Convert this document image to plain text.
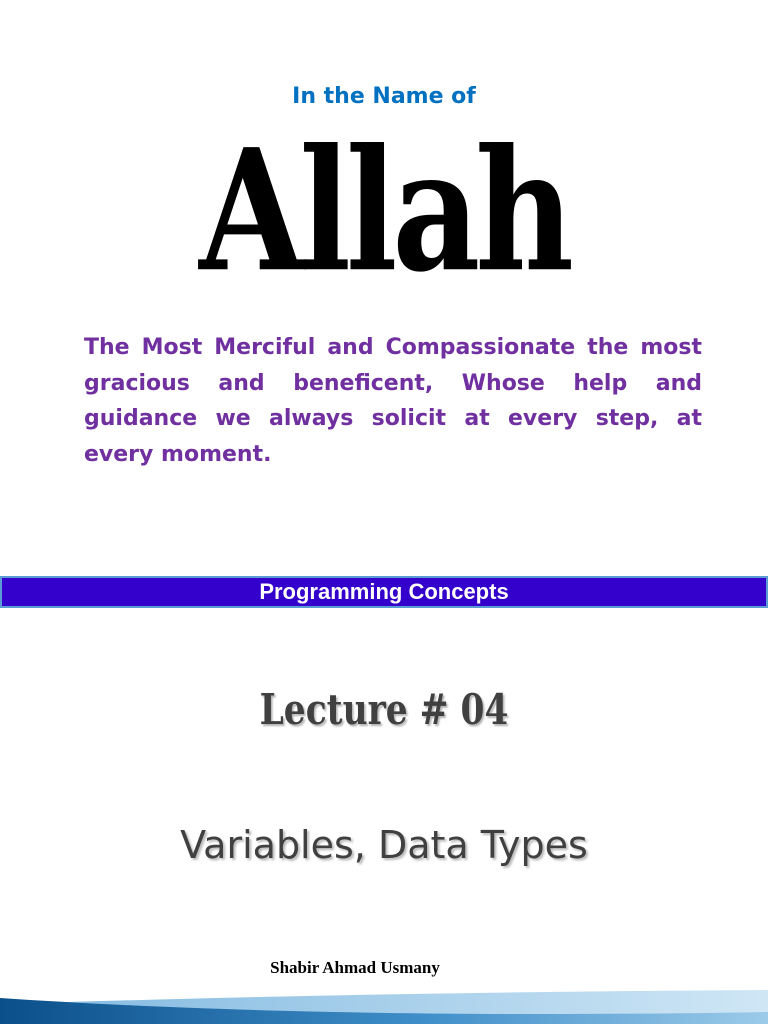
In the Name of

Allah

The Most Merciful and Compassionate the most gracious and beneficent, Whose help and guidance we always solicit at every step, at every moment.

Programming Concepts

Lecture # 04

Variables, Data Types

Shabir Ahmad Usmany
